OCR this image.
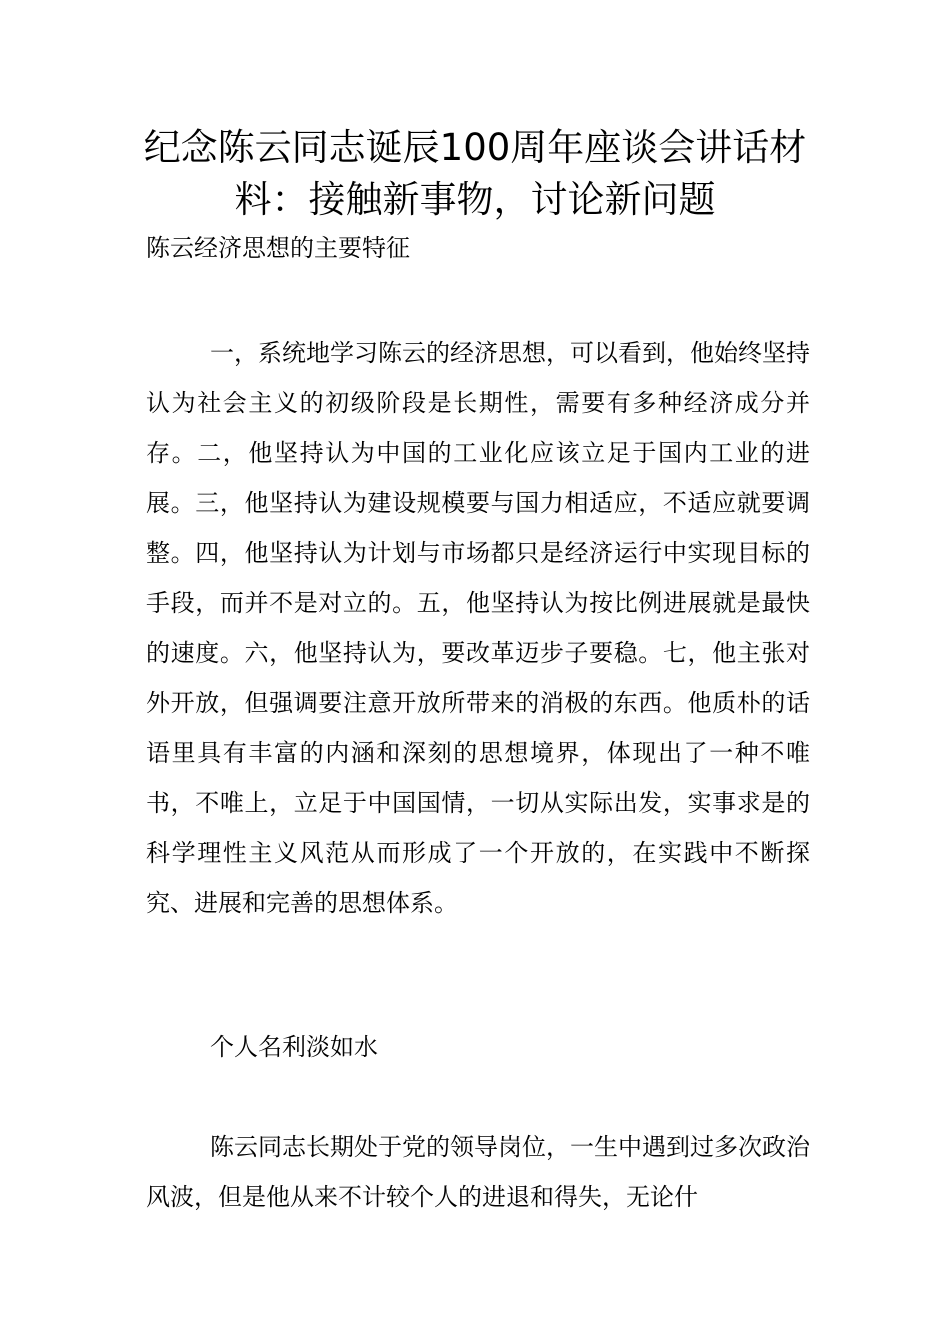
纪念陈云同志诞辰100周年座谈会讲话材料：接触新事物，讨论新问题

陈云经济思想的主要特征

一，系统地学习陈云的经济思想，可以看到，他始终坚持认为社会主义的初级阶段是长期性，需要有多种经济成分并存。二，他坚持认为中国的工业化应该立足于国内工业的进展。三，他坚持认为建设规模要与国力相适应，不适应就要调整。四，他坚持认为计划与市场都只是经济运行中实现目标的手段，而并不是对立的。五，他坚持认为按比例进展就是最快的速度。六，他坚持认为，要改革迈步子要稳。七，他主张对外开放，但强调要注意开放所带来的消极的东西。他质朴的话语里具有丰富的内涵和深刻的思想境界，体现出了一种不唯书，不唯上，立足于中国国情，一切从实际出发，实事求是的科学理性主义风范从而形成了一个开放的，在实践中不断探究、进展和完善的思想体系。

个人名利淡如水

陈云同志长期处于党的领导岗位，一生中遇到过多次政治风波，但是他从来不计较个人的进退和得失，无论什
